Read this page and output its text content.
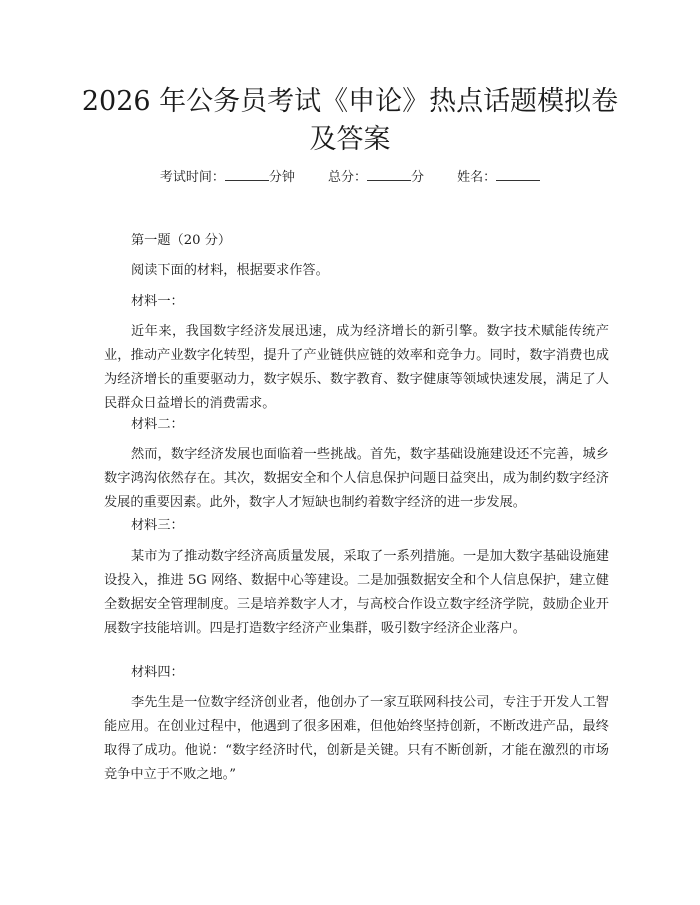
2026 年公务员考试《申论》热点话题模拟卷
及答案
考试时间：	分钟	总分：	分	姓名：

第一题（20 分）

阅读下面的材料，根据要求作答。

材料一：

近年来，我国数字经济发展迅速，成为经济增长的新引擎。数字技术赋能传统产业，推动产业数字化转型，提升了产业链供应链的效率和竞争力。同时，数字消费也成为经济增长的重要驱动力，数字娱乐、数字教育、数字健康等领域快速发展，满足了人民群众日益增长的消费需求。

材料二：

然而，数字经济发展也面临着一些挑战。首先，数字基础设施建设还不完善，城乡数字鸿沟依然存在。其次，数据安全和个人信息保护问题日益突出，成为制约数字经济发展的重要因素。此外，数字人才短缺也制约着数字经济的进一步发展。

材料三：

某市为了推动数字经济高质量发展，采取了一系列措施。一是加大数字基础设施建设投入，推进 5G 网络、数据中心等建设。二是加强数据安全和个人信息保护，建立健全数据安全管理制度。三是培养数字人才，与高校合作设立数字经济学院，鼓励企业开展数字技能培训。四是打造数字经济产业集群，吸引数字经济企业落户。

材料四：

李先生是一位数字经济创业者，他创办了一家互联网科技公司，专注于开发人工智能应用。在创业过程中，他遇到了很多困难，但他始终坚持创新，不断改进产品，最终取得了成功。他说：“数字经济时代，创新是关键。只有不断创新，才能在激烈的市场竞争中立于不败之地。”
